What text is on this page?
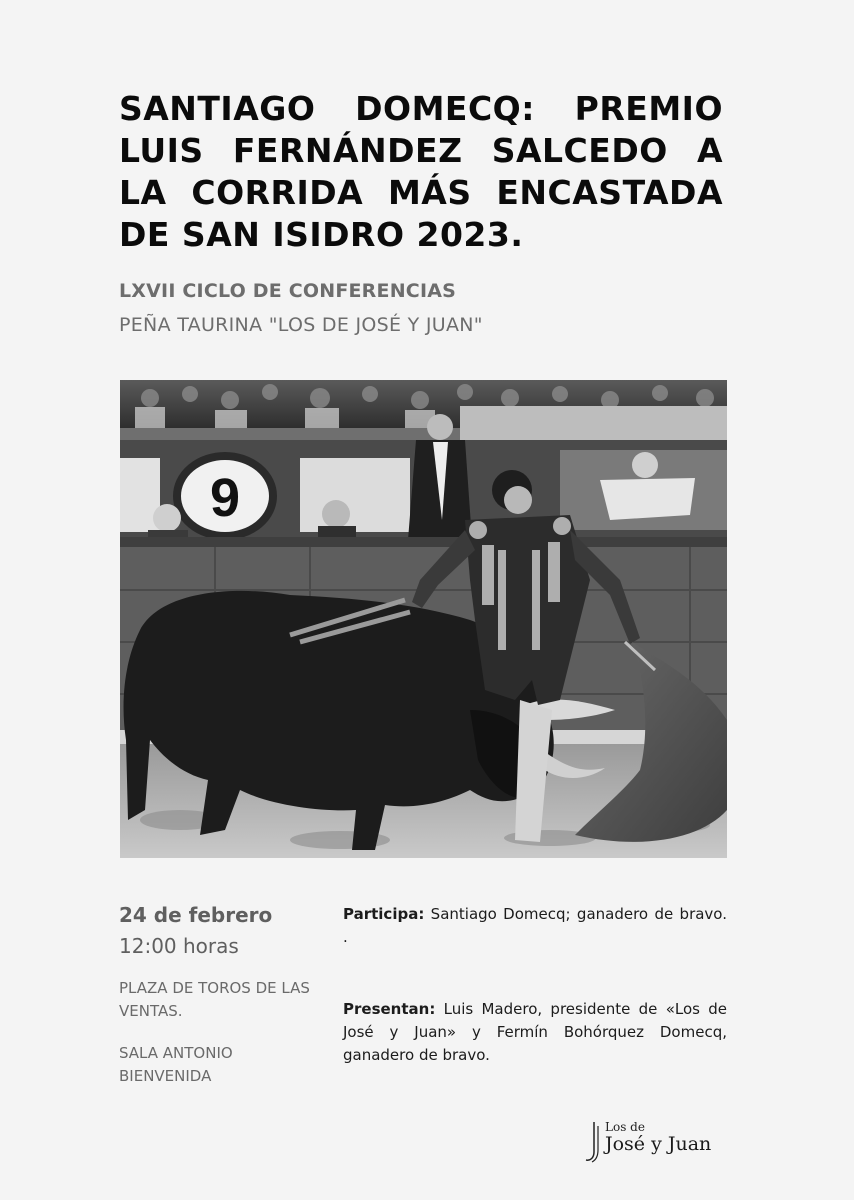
SANTIAGO DOMECQ: PREMIO LUIS FERNÁNDEZ SALCEDO A LA CORRIDA MÁS ENCASTADA DE SAN ISIDRO 2023.
LXVII CICLO DE CONFERENCIAS
PEÑA TAURINA "LOS DE JOSÉ Y JUAN"
9
24 de febrero
12:00 horas
PLAZA DE TOROS DE LAS VENTAS.
SALA ANTONIO BIENVENIDA

Participa: Santiago Domecq; ganadero de bravo. .

Presentan: Luis Madero, presidente de «Los de José y Juan» y Fermín Bohórquez Domecq, ganadero de bravo.

Los de
José y Juan
